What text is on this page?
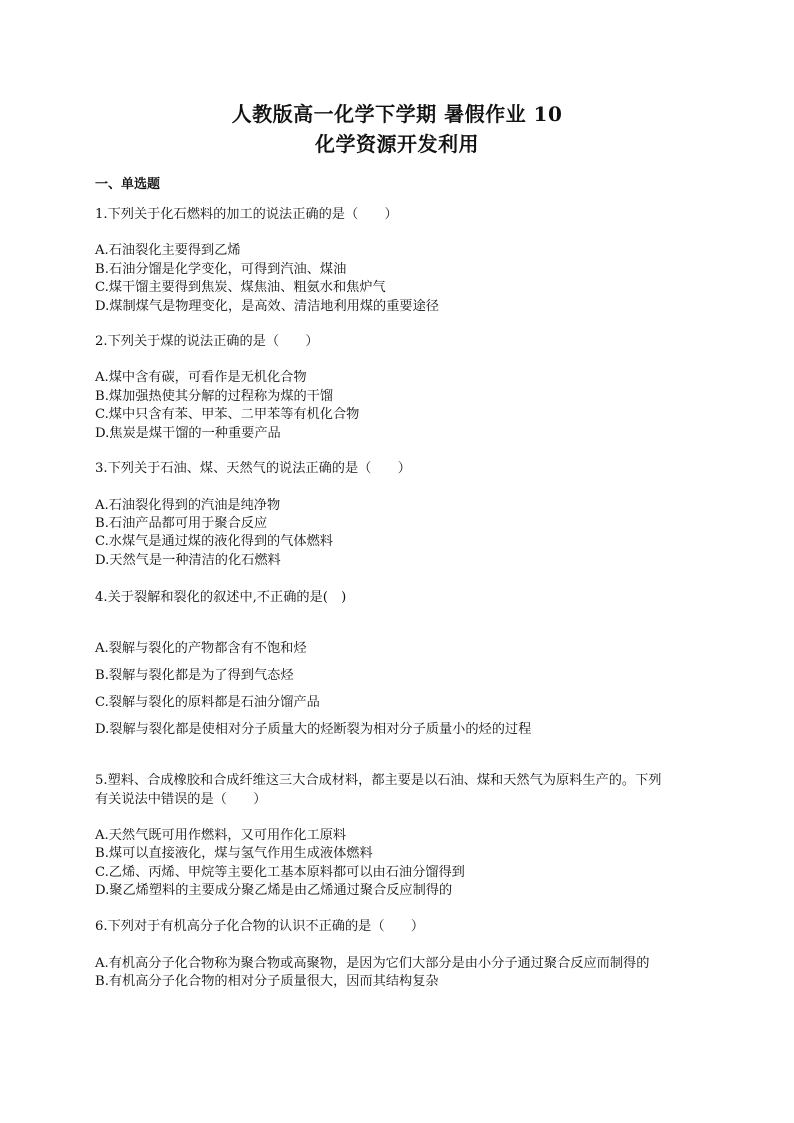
人教版高一化学下学期 暑假作业 10
化学资源开发利用
一、单选题
1.下列关于化石燃料的加工的说法正确的是（　　）
A.石油裂化主要得到乙烯
B.石油分馏是化学变化，可得到汽油、煤油
C.煤干馏主要得到焦炭、煤焦油、粗氨水和焦炉气
D.煤制煤气是物理变化，是高效、清洁地利用煤的重要途径
2.下列关于煤的说法正确的是（　　）
A.煤中含有碳，可看作是无机化合物
B.煤加强热使其分解的过程称为煤的干馏
C.煤中只含有苯、甲苯、二甲苯等有机化合物
D.焦炭是煤干馏的一种重要产品
3.下列关于石油、煤、天然气的说法正确的是（　　）
A.石油裂化得到的汽油是纯净物
B.石油产品都可用于聚合反应
C.水煤气是通过煤的液化得到的气体燃料
D.天然气是一种清洁的化石燃料
4.关于裂解和裂化的叙述中,不正确的是(　)
A.裂解与裂化的产物都含有不饱和烃
B.裂解与裂化都是为了得到气态烃
C.裂解与裂化的原料都是石油分馏产品
D.裂解与裂化都是使相对分子质量大的烃断裂为相对分子质量小的烃的过程
5.塑料、合成橡胶和合成纤维这三大合成材料，都主要是以石油、煤和天然气为原料生产的。下列
有关说法中错误的是（　　）
A.天然气既可用作燃料，又可用作化工原料
B.煤可以直接液化，煤与氢气作用生成液体燃料
C.乙烯、丙烯、甲烷等主要化工基本原料都可以由石油分馏得到
D.聚乙烯塑料的主要成分聚乙烯是由乙烯通过聚合反应制得的
6.下列对于有机高分子化合物的认识不正确的是（　　）
A.有机高分子化合物称为聚合物或高聚物，是因为它们大部分是由小分子通过聚合反应而制得的
B.有机高分子化合物的相对分子质量很大，因而其结构复杂
